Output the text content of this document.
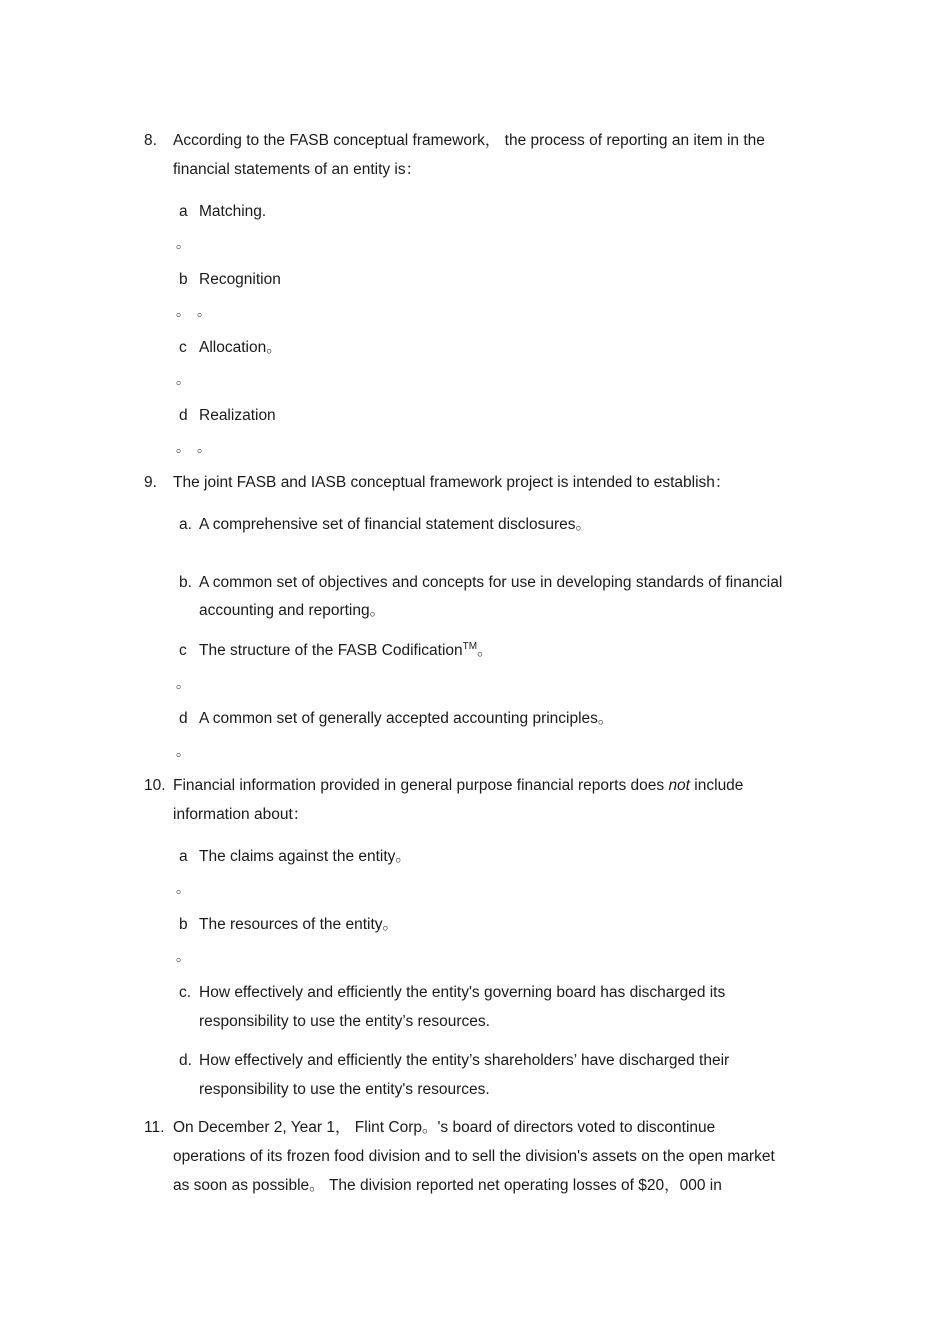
8. According to the FASB conceptual framework， the process of reporting an item in the
financial statements of an entity is：
a Matching.
。
b Recognition
。 。
c Allocation。
。
d Realization
。 。
9. The joint FASB and IASB conceptual framework project is intended to establish：
a. A comprehensive set of financial statement disclosures。
b. A common set of objectives and concepts for use in developing standards of financial
accounting and reporting。
c The structure of the FASB Codification™。
。
d A common set of generally accepted accounting principles。
。
10. Financial information provided in general purpose financial reports does not include
information about：
a The claims against the entity。
。
b The resources of the entity。
。
c. How effectively and efficiently the entity's governing board has discharged its
responsibility to use the entity’s resources.
d. How effectively and efficiently the entity’s shareholders’ have discharged their
responsibility to use the entity's resources.
11. On December 2, Year 1， Flint Corp。's board of directors voted to discontinue
operations of its frozen food division and to sell the division's assets on the open market
as soon as possible。 The division reported net operating losses of $20，000 in
